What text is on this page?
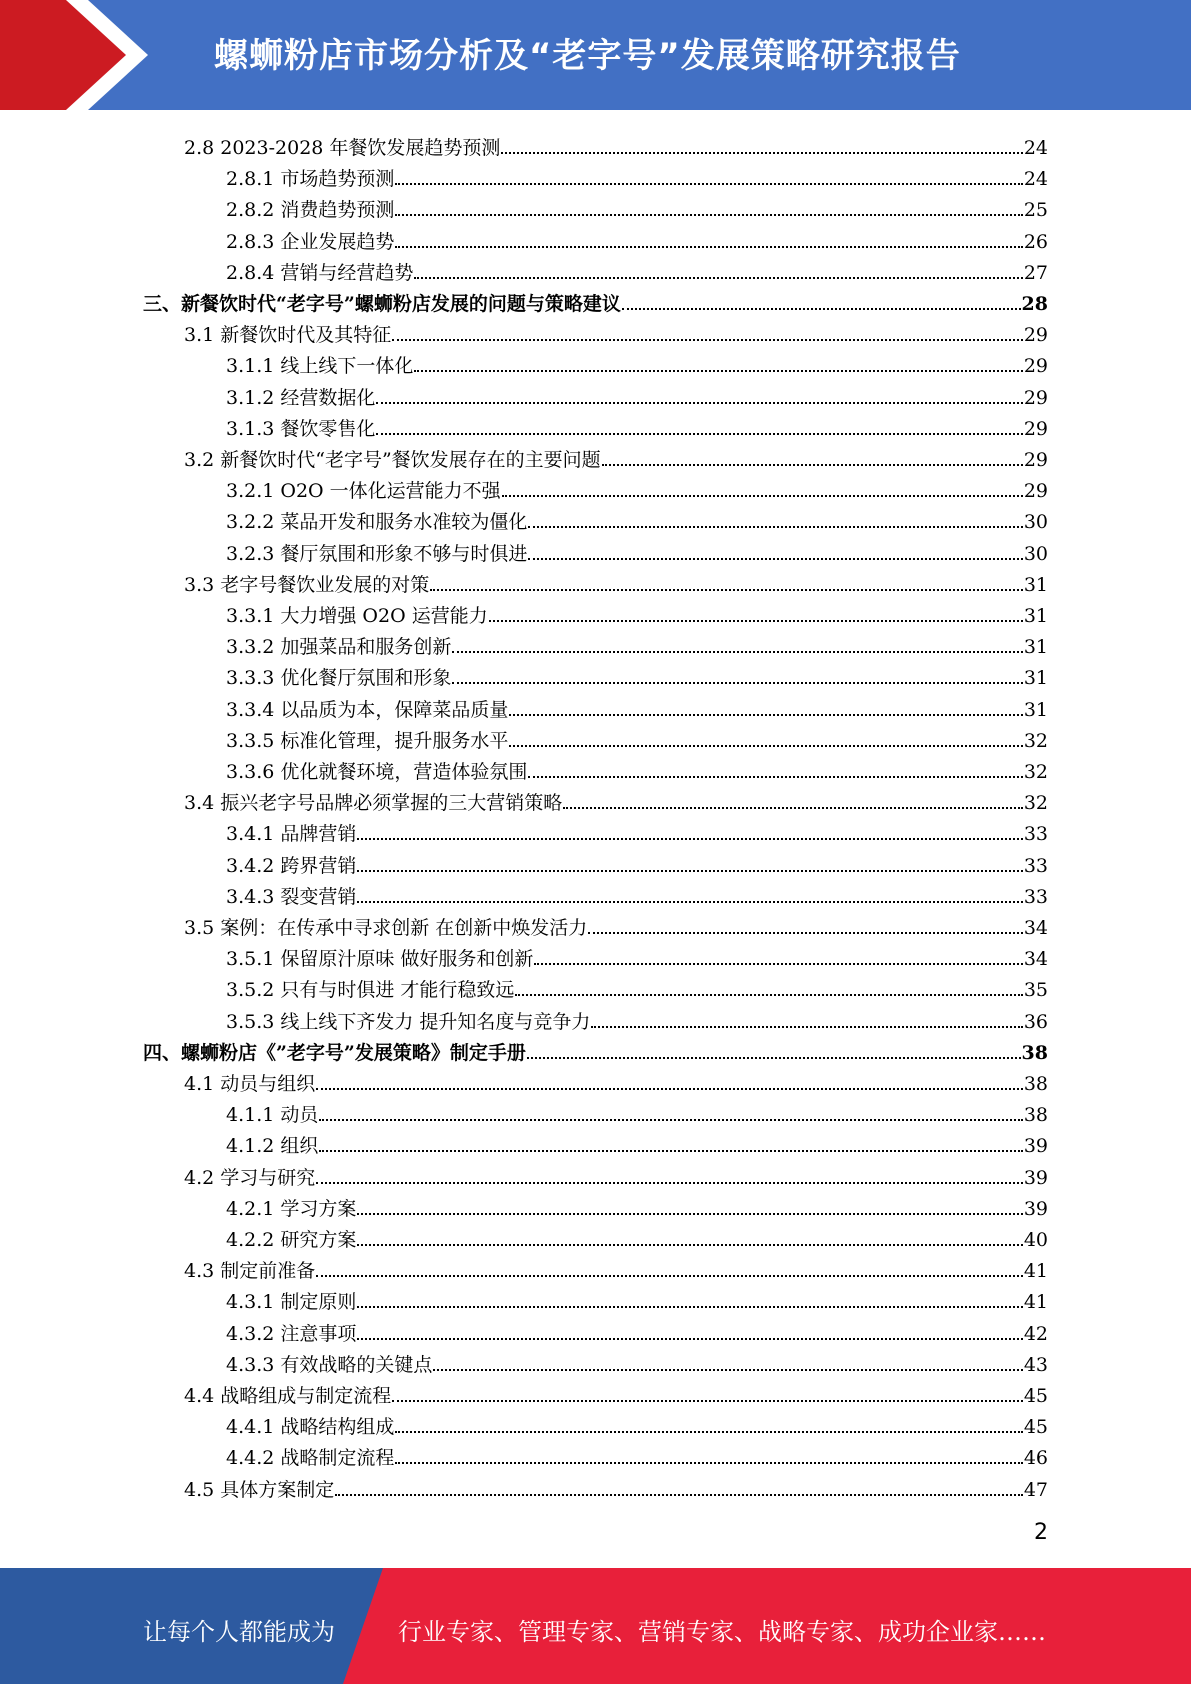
螺蛳粉店市场分析及“老字号”发展策略研究报告
2.8 2023-2028 年餐饮发展趋势预测	24
2.8.1 市场趋势预测	24
2.8.2 消费趋势预测	25
2.8.3 企业发展趋势	26
2.8.4 营销与经营趋势	27
三、新餐饮时代“老字号”螺蛳粉店发展的问题与策略建议	28
3.1 新餐饮时代及其特征	29
3.1.1 线上线下一体化	29
3.1.2 经营数据化	29
3.1.3 餐饮零售化	29
3.2 新餐饮时代“老字号”餐饮发展存在的主要问题	29
3.2.1 O2O 一体化运营能力不强	29
3.2.2 菜品开发和服务水准较为僵化	30
3.2.3 餐厅氛围和形象不够与时俱进	30
3.3 老字号餐饮业发展的对策	31
3.3.1 大力增强 O2O 运营能力	31
3.3.2 加强菜品和服务创新	31
3.3.3 优化餐厅氛围和形象	31
3.3.4 以品质为本，保障菜品质量	31
3.3.5 标准化管理，提升服务水平	32
3.3.6 优化就餐环境，营造体验氛围	32
3.4 振兴老字号品牌必须掌握的三大营销策略	32
3.4.1 品牌营销	33
3.4.2 跨界营销	33
3.4.3 裂变营销	33
3.5 案例：在传承中寻求创新 在创新中焕发活力	34
3.5.1 保留原汁原味 做好服务和创新	34
3.5.2 只有与时俱进 才能行稳致远	35
3.5.3 线上线下齐发力 提升知名度与竞争力	36
四、螺蛳粉店《”老字号”发展策略》制定手册	38
4.1 动员与组织	38
4.1.1 动员	38
4.1.2 组织	39
4.2 学习与研究	39
4.2.1 学习方案	39
4.2.2 研究方案	40
4.3 制定前准备	41
4.3.1 制定原则	41
4.3.2 注意事项	42
4.3.3 有效战略的关键点	43
4.4 战略组成与制定流程	45
4.4.1 战略结构组成	45
4.4.2 战略制定流程	46
4.5 具体方案制定	47
2
让每个人都能成为	行业专家、管理专家、营销专家、战略专家、成功企业家……
